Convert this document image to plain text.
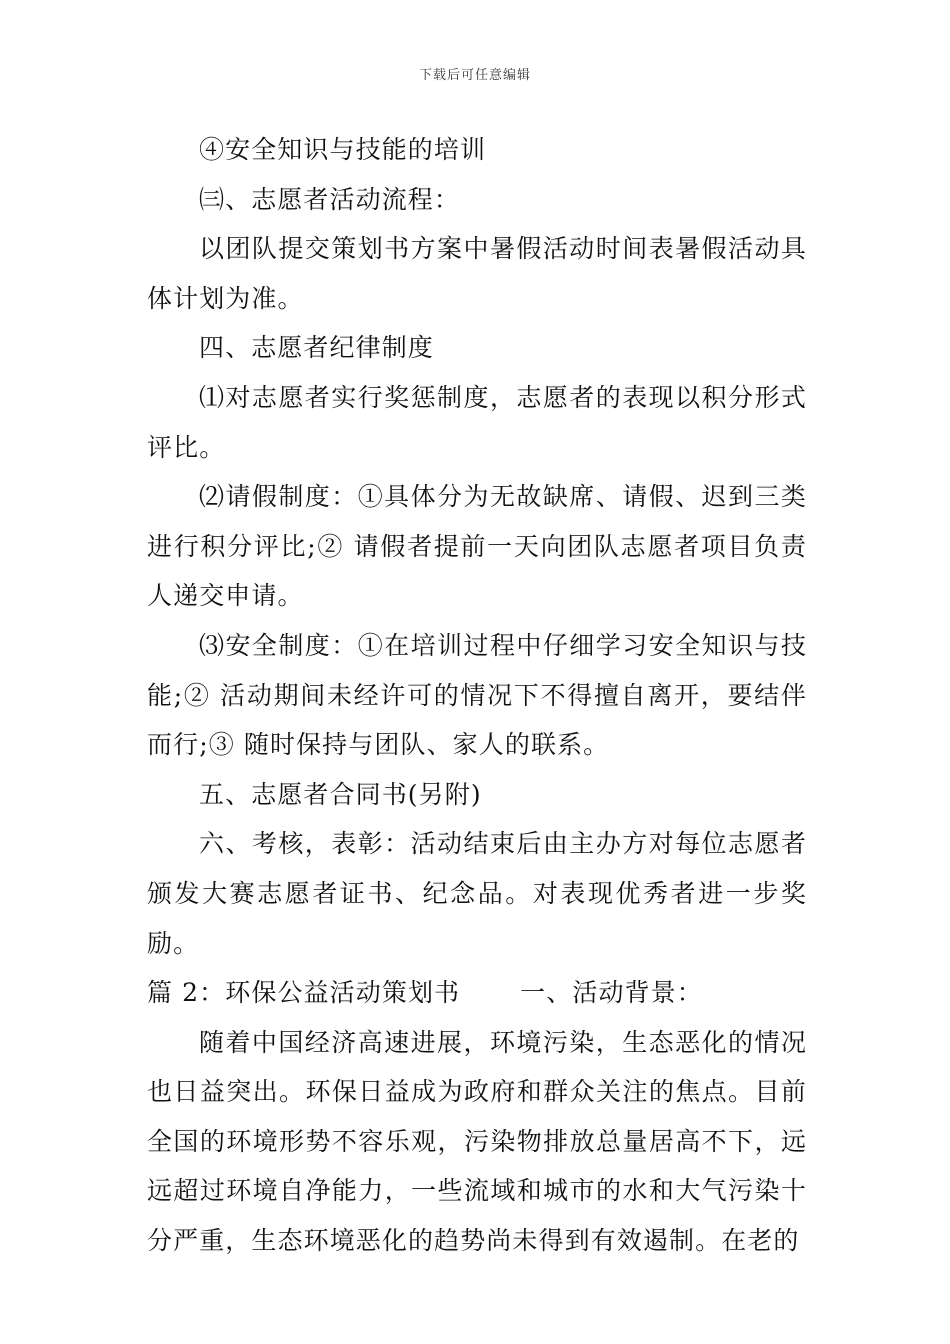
下载后可任意编辑

④安全知识与技能的培训

㈢、志愿者活动流程：

以团队提交策划书方案中暑假活动时间表暑假活动具体计划为准。

四、志愿者纪律制度

⑴对志愿者实行奖惩制度，志愿者的表现以积分形式评比。

⑵请假制度：①具体分为无故缺席、请假、迟到三类进行积分评比;② 请假者提前一天向团队志愿者项目负责人递交申请。

⑶安全制度：①在培训过程中仔细学习安全知识与技能;② 活动期间未经许可的情况下不得擅自离开，要结伴而行;③ 随时保持与团队、家人的联系。

五、志愿者合同书(另附)

六、考核，表彰：活动结束后由主办方对每位志愿者颁发大赛志愿者证书、纪念品。对表现优秀者进一步奖励。

篇 2：环保公益活动策划书 一、活动背景：

随着中国经济高速进展，环境污染，生态恶化的情况也日益突出。环保日益成为政府和群众关注的焦点。目前全国的环境形势不容乐观，污染物排放总量居高不下，远远超过环境自净能力，一些流域和城市的水和大气污染十分严重，生态环境恶化的趋势尚未得到有效遏制。在老的
